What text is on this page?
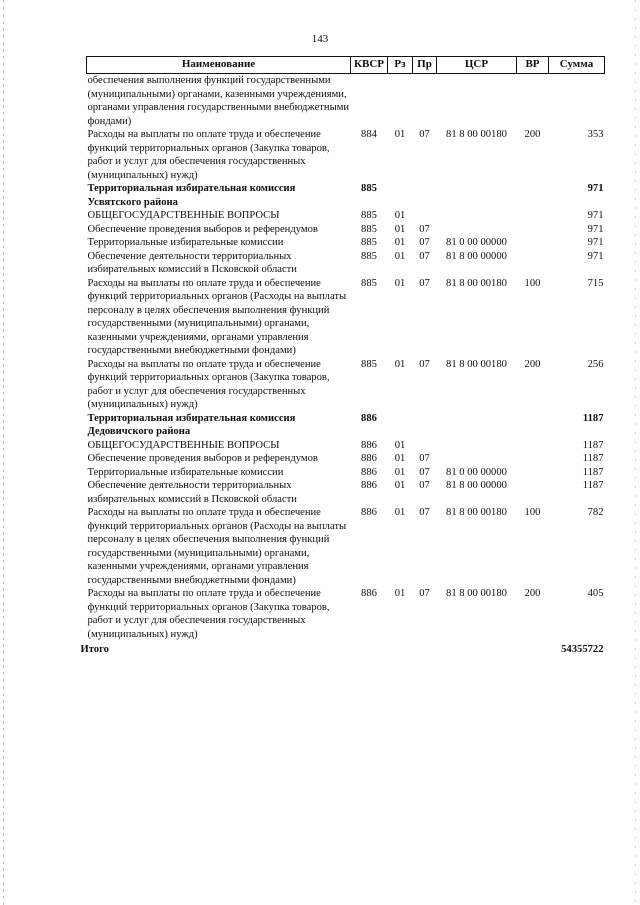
143
Наименование	КВСР	Рз	Пр	ЦСР	ВР	Сумма
обеспечения выполнения функций государственными (муниципальными) органами, казенными учреждениями, органами управления государственными внебюджетными фондами)						
Расходы на выплаты по оплате труда и обеспечение функций территориальных органов (Закупка товаров, работ и услуг для обеспечения государственных (муниципальных) нужд)	884	01	07	81 8 00 00180	200	353
Территориальная избирательная комиссия Усвятского района	885					971
ОБЩЕГОСУДАРСТВЕННЫЕ ВОПРОСЫ	885	01				971
Обеспечение проведения выборов и референдумов	885	01	07			971
Территориальные избирательные комиссии	885	01	07	81 0 00 00000		971
Обеспечение деятельности территориальных избирательных комиссий в Псковской области	885	01	07	81 8 00 00000		971
Расходы на выплаты по оплате труда и обеспечение функций территориальных органов (Расходы на выплаты персоналу в целях обеспечения выполнения функций государственными (муниципальными) органами, казенными учреждениями, органами управления государственными внебюджетными фондами)	885	01	07	81 8 00 00180	100	715
Расходы на выплаты по оплате труда и обеспечение функций территориальных органов (Закупка товаров, работ и услуг для обеспечения государственных (муниципальных) нужд)	885	01	07	81 8 00 00180	200	256
Территориальная избирательная комиссия Дедовичского района	886					1187
ОБЩЕГОСУДАРСТВЕННЫЕ ВОПРОСЫ	886	01				1187
Обеспечение проведения выборов и референдумов	886	01	07			1187
Территориальные избирательные комиссии	886	01	07	81 0 00 00000		1187
Обеспечение деятельности территориальных избирательных комиссий в Псковской области	886	01	07	81 8 00 00000		1187
Расходы на выплаты по оплате труда и обеспечение функций территориальных органов (Расходы на выплаты персоналу в целях обеспечения выполнения функций государственными (муниципальными) органами, казенными учреждениями, органами управления государственными внебюджетными фондами)	886	01	07	81 8 00 00180	100	782
Расходы на выплаты по оплате труда и обеспечение функций территориальных органов (Закупка товаров, работ и услуг для обеспечения государственных (муниципальных) нужд)	886	01	07	81 8 00 00180	200	405
Итого						54355722
